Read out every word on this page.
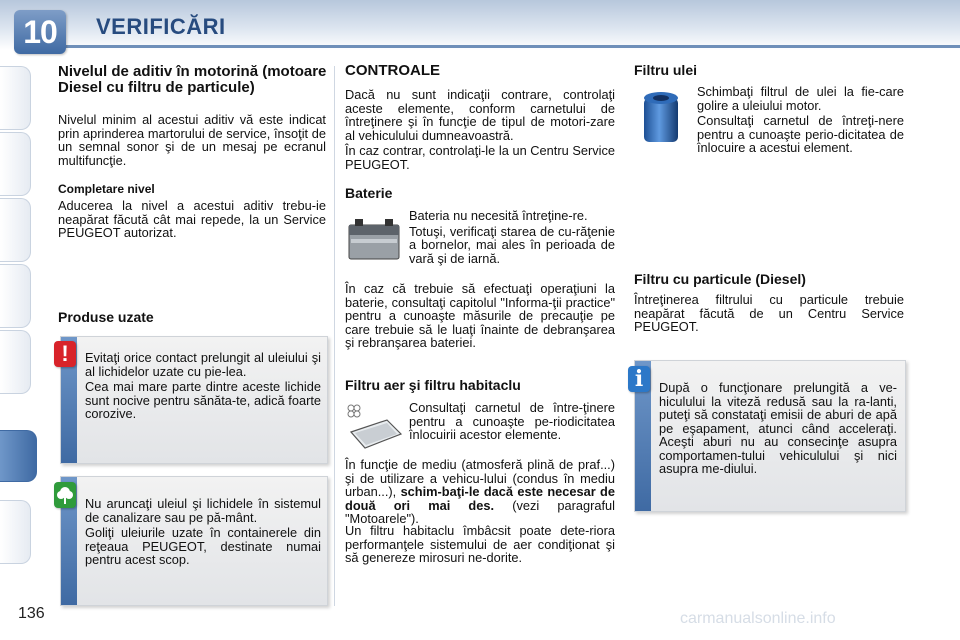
10	VERIFICĂRI
Nivelul de aditiv în motorină (motoare Diesel cu filtru de particule)

Nivelul minim al acestui aditiv vă este indicat prin aprinderea martorului de service, însoţit de un semnal sonor şi de un mesaj pe ecranul multifuncţie.

Completare nivel

Aducerea la nivel a acestui aditiv trebu-ie neapărat făcută cât mai repede, la un Service PEUGEOT autorizat.

Produse uzate

Evitaţi orice contact prelungit al uleiului şi al lichidelor uzate cu pie-lea.

Cea mai mare parte dintre aceste lichide sunt nocive pentru sănăta-te, adică foarte corozive.

!

Nu aruncaţi uleiul şi lichidele în sistemul de canalizare sau pe pă-mânt.

Goliţi uleiurile uzate în containerele din reţeaua PEUGEOT, destinate numai pentru acest scop.

CONTROALE

Dacă nu sunt indicaţii contrare, controlaţi aceste elemente, conform carnetului de întreţinere şi în funcţie de tipul de motori-zare al vehiculului dumneavoastră.

În caz contrar, controlaţi-le la un Centru Service PEUGEOT.

Baterie

Bateria nu necesită întreţine-re.

Totuşi, verificaţi starea de cu-răţenie a bornelor, mai ales în perioada de vară şi de iarnă.

În caz că trebuie să efectuaţi operaţiuni la baterie, consultaţi capitolul "Informa-ţii practice" pentru a cunoaşte măsurile de precauţie pe care trebuie să le luaţi înainte de debranşarea şi rebranşarea bateriei.

Filtru aer şi filtru habitaclu

Consultaţi carnetul de între-ţinere pentru a cunoaşte pe-riodicitatea înlocuirii acestor elemente.

În funcţie de mediu (atmosferă plină de praf...) şi de utilizare a vehicu-lului (condus în mediu urban...), schim-baţi-le dacă este necesar de două ori mai des. (vezi paragraful "Motoarele").

Un filtru habitaclu îmbâcsit poate dete-riora performanţele sistemului de aer condiţionat şi să genereze mirosuri ne-dorite.

Filtru ulei

Schimbaţi filtrul de ulei la fie-care golire a uleiului motor.

Consultaţi carnetul de întreţi-nere pentru a cunoaşte perio-dicitatea de înlocuire a acestui element.

Filtru cu particule (Diesel)

Întreţinerea filtrului cu particule trebuie neapărat făcută de un Centru Service PEUGEOT.

După o funcţionare prelungită a ve-hiculului la viteză redusă sau la ra-lanti, puteţi să constataţi emisii de aburi de apă pe eşapament, atunci când acceleraţi. Aceşti aburi nu au consecinţe asupra comportamen-tului vehiculului şi nici asupra me-diului.

i
136	carmanualsonline.info
